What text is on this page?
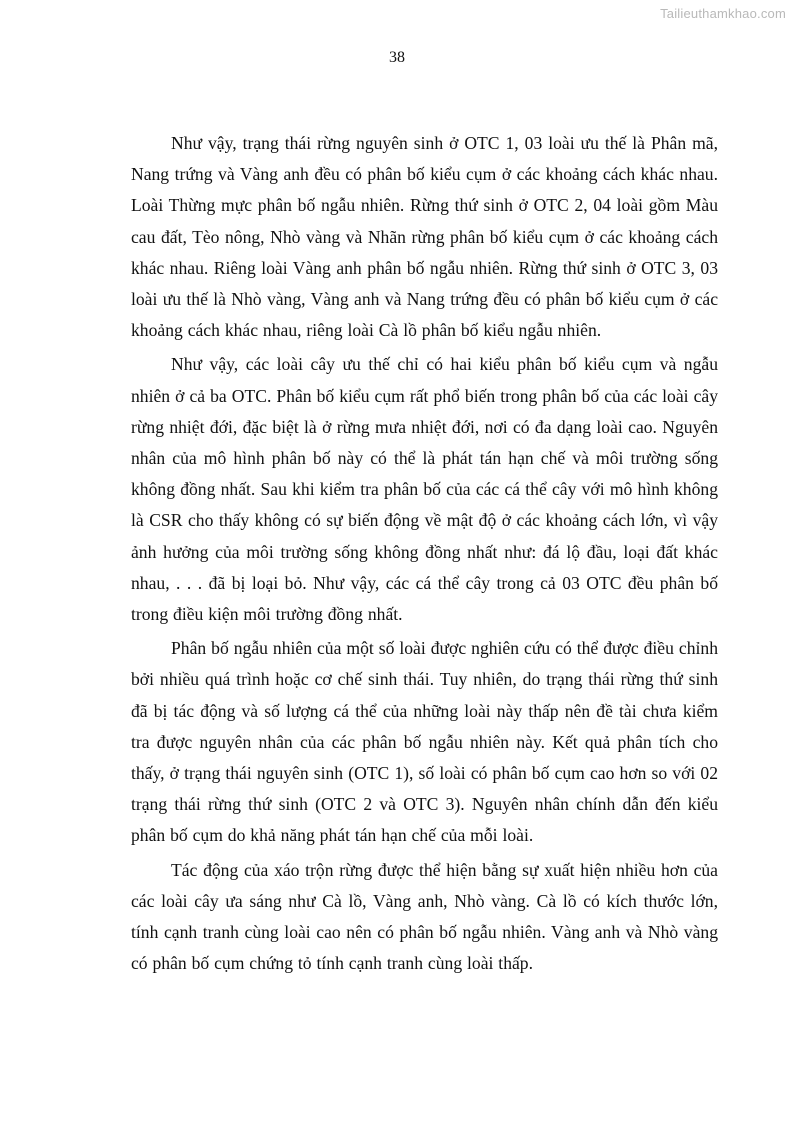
Tailieuthamkhao.com
38

Như vậy, trạng thái rừng nguyên sinh ở OTC 1, 03 loài ưu thế là Phân mã, Nang trứng và Vàng anh đều có phân bố kiểu cụm ở các khoảng cách khác nhau. Loài Thừng mực phân bố ngẫu nhiên. Rừng thứ sinh ở OTC 2, 04 loài gồm Màu cau đất, Tèo nông, Nhò vàng và Nhãn rừng phân bố kiểu cụm ở các khoảng cách khác nhau. Riêng loài Vàng anh phân bố ngẫu nhiên. Rừng thứ sinh ở OTC 3, 03 loài ưu thế là Nhò vàng, Vàng anh và Nang trứng đều có phân bố kiểu cụm ở các khoảng cách khác nhau, riêng loài Cà lồ phân bố kiểu ngẫu nhiên.

Như vậy, các loài cây ưu thế chỉ có hai kiểu phân bố kiểu cụm và ngẫu nhiên ở cả ba OTC. Phân bố kiểu cụm rất phổ biến trong phân bố của các loài cây rừng nhiệt đới, đặc biệt là ở rừng mưa nhiệt đới, nơi có đa dạng loài cao. Nguyên nhân của mô hình phân bố này có thể là phát tán hạn chế và môi trường sống không đồng nhất. Sau khi kiểm tra phân bố của các cá thể cây với mô hình không là CSR cho thấy không có sự biến động về mật độ ở các khoảng cách lớn, vì vậy ảnh hưởng của môi trường sống không đồng nhất như: đá lộ đầu, loại đất khác nhau, . . . đã bị loại bỏ. Như vậy, các cá thể cây trong cả 03 OTC đều phân bố trong điều kiện môi trường đồng nhất.

Phân bố ngẫu nhiên của một số loài được nghiên cứu có thể được điều chỉnh bởi nhiều quá trình hoặc cơ chế sinh thái. Tuy nhiên, do trạng thái rừng thứ sinh đã bị tác động và số lượng cá thể của những loài này thấp nên đề tài chưa kiểm tra được nguyên nhân của các phân bố ngẫu nhiên này. Kết quả phân tích cho thấy, ở trạng thái nguyên sinh (OTC 1), số loài có phân bố cụm cao hơn so với 02 trạng thái rừng thứ sinh (OTC 2 và OTC 3). Nguyên nhân chính dẫn đến kiểu phân bố cụm do khả năng phát tán hạn chế của mỗi loài.

Tác động của xáo trộn rừng được thể hiện bằng sự xuất hiện nhiều hơn của các loài cây ưa sáng như Cà lồ, Vàng anh, Nhò vàng. Cà lồ có kích thước lớn, tính cạnh tranh cùng loài cao nên có phân bố ngẫu nhiên. Vàng anh và Nhò vàng có phân bố cụm chứng tỏ tính cạnh tranh cùng loài thấp.
